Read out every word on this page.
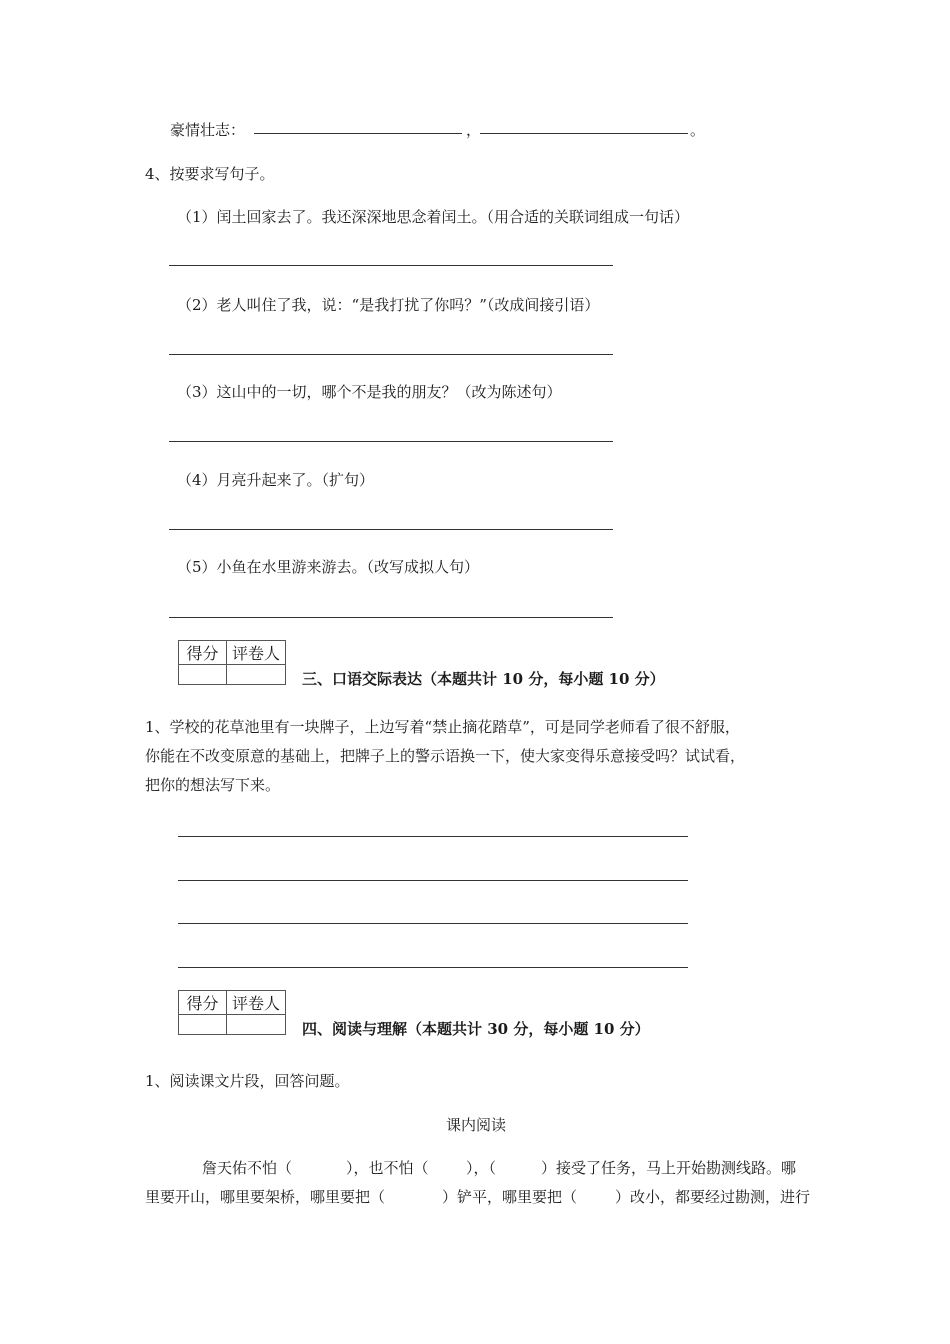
豪情壮志：	，	。
4、按要求写句子。
（1）闰土回家去了。我还深深地思念着闰土。（用合适的关联词组成一句话）
（2）老人叫住了我，说：“是我打扰了你吗？”（改成间接引语）
（3）这山中的一切，哪个不是我的朋友？（改为陈述句）
（4）月亮升起来了。（扩句）
（5）小鱼在水里游来游去。（改写成拟人句）
得分	评卷人

三、口语交际表达（本题共计 10 分，每小题 10 分）
1、学校的花草池里有一块牌子，上边写着“禁止摘花踏草”，可是同学老师看了很不舒服，
你能在不改变原意的基础上，把牌子上的警示语换一下，使大家变得乐意接受吗？试试看，
把你的想法写下来。
得分	评卷人

四、阅读与理解（本题共计 30 分，每小题 10 分）
1、阅读课文片段，回答问题。
课内阅读
詹天佑不怕（	），也不怕（ ），（	）接受了任务，马上开始勘测线路。哪
里要开山，哪里要架桥，哪里要把（	）铲平，哪里要把（	）改小，都要经过勘测，进行
